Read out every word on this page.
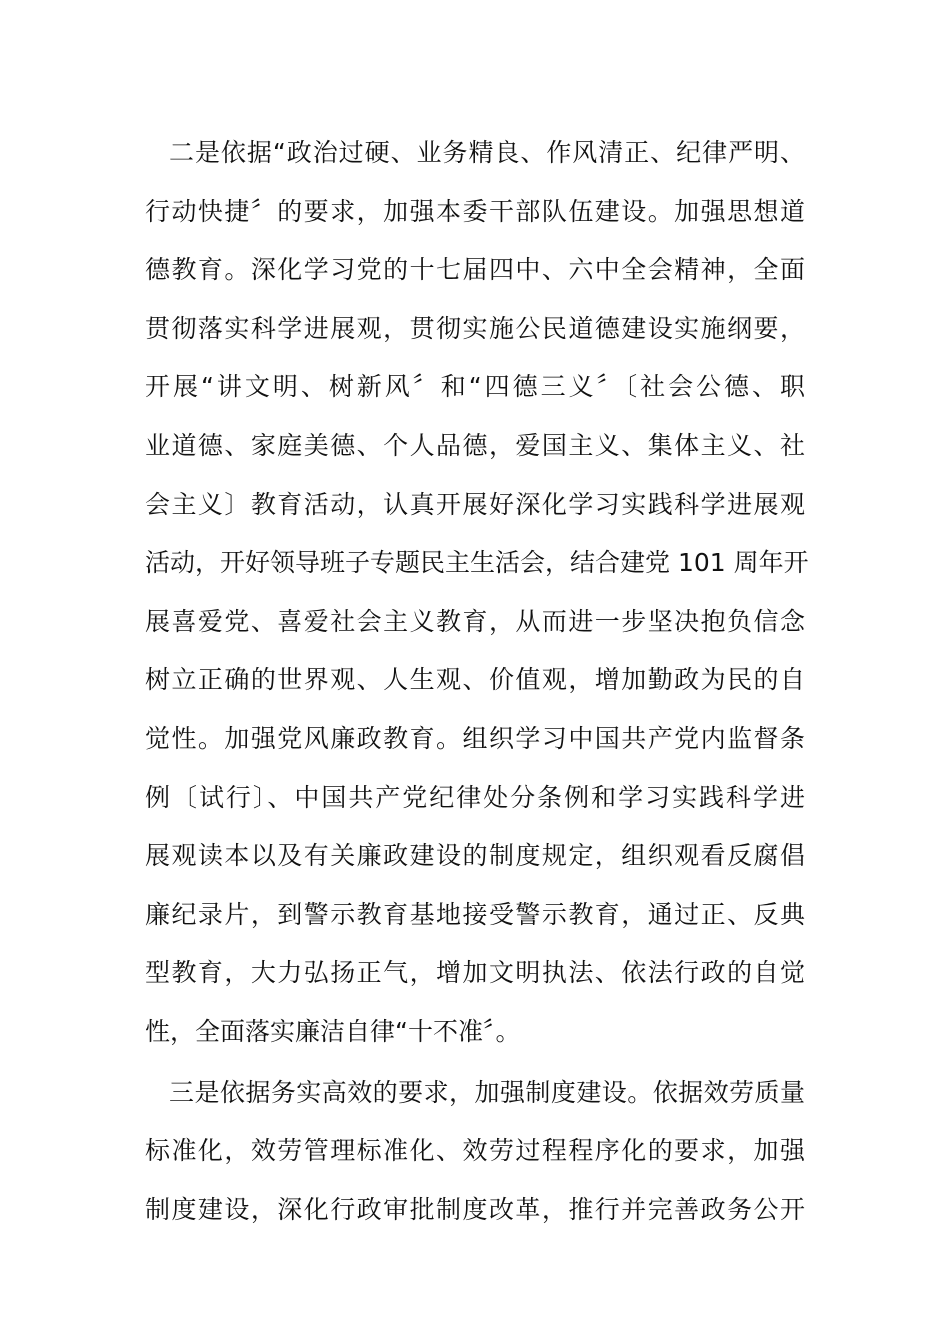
二是依据“政治过硬、业务精良、作风清正、纪律严明、
行动快捷〞的要求，加强本委干部队伍建设。加强思想道
德教育。深化学习党的十七届四中、六中全会精神，全面
贯彻落实科学进展观，贯彻实施公民道德建设实施纲要，
开展“讲文明、树新风〞和“四德三义〞〔社会公德、职
业道德、家庭美德、个人品德，爱国主义、集体主义、社
会主义〕教育活动，认真开展好深化学习实践科学进展观
活动，开好领导班子专题民主生活会，结合建党 101 周年开
展喜爱党、喜爱社会主义教育，从而进一步坚决抱负信念
树立正确的世界观、人生观、价值观，增加勤政为民的自
觉性。加强党风廉政教育。组织学习中国共产党内监督条
例〔试行〕、中国共产党纪律处分条例和学习实践科学进
展观读本以及有关廉政建设的制度规定，组织观看反腐倡
廉纪录片，到警示教育基地接受警示教育，通过正、反典
型教育，大力弘扬正气，增加文明执法、依法行政的自觉
性，全面落实廉洁自律“十不准〞。
三是依据务实高效的要求，加强制度建设。依据效劳质量
标准化，效劳管理标准化、效劳过程程序化的要求，加强
制度建设，深化行政审批制度改革，推行并完善政务公开
